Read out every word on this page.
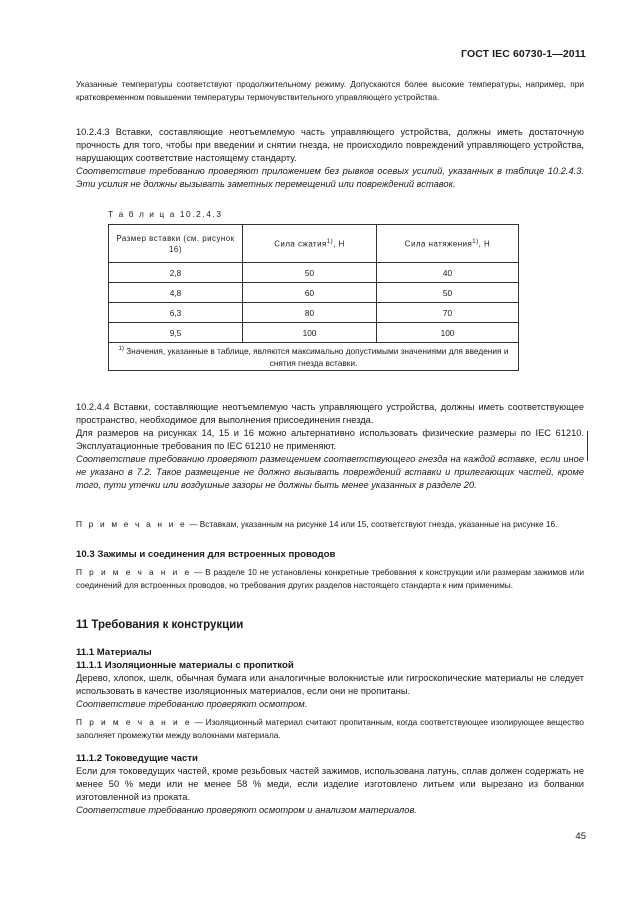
ГОСТ IEC 60730-1—2011

Указанные температуры соответствуют продолжительному режиму. Допускаются более высокие температуры, например, при кратковременном повышении температуры термочувствительного управляющего устройства.

10.2.4.3 Вставки, составляющие неотъемлемую часть управляющего устройства, должны иметь достаточную прочность для того, чтобы при введении и снятии гнезда, не происходило повреждений управляющего устройства, нарушающих соответствие настоящему стандарту.

Соответствие требованию проверяют приложением без рывков осевых усилий, указанных в таблице 10.2.4.3. Эти усилия не должны вызывать заметных перемещений или повреждений вставок.

Т а б л и ц а 10.2.4.3
Размер вставки (см. рисунок 16)	Сила сжатия$^{1)}$, Н	Сила натяжения$^{1)}$, Н
2,8	50	40
4,8	60	50
6,3	80	70
9,5	100	100
$^{1)}$ Значения, указанные в таблице, являются максимально допустимыми значениями для введения и снятия гнезда вставки.		

10.2.4.4 Вставки, составляющие неотъемлемую часть управляющего устройства, должны иметь соответствующее пространство, необходимое для выполнения присоединения гнезда.

Для размеров на рисунках 14, 15 и 16 можно альтернативно использовать физические размеры по IEC 61210. Эксплуатационные требования по IEC 61210 не применяют.

Соответствие требованию проверяют размещением соответствующего гнезда на каждой вставке, если иное не указано в 7.2. Такое размещение не должно вызывать повреждений вставки и прилегающих частей, кроме того, пути утечки или воздушные зазоры не должны быть менее указанных в разделе 20.

П р и м е ч а н и е — Вставкам, указанным на рисунке 14 или 15, соответствуют гнезда, указанные на рисунке 16.

10.3 Зажимы и соединения для встроенных проводов

П р и м е ч а н и е — В разделе 10 не установлены конкретные требования к конструкции или размерам зажимов или соединений для встроенных проводов, но требования других разделов настоящего стандарта к ним применимы.

11 Требования к конструкции
11.1 Материалы
11.1.1 Изоляционные материалы с пропиткой

Дерево, хлопок, шелк, обычная бумага или аналогичные волокнистые или гигроскопические материалы не следует использовать в качестве изоляционных материалов, если они не пропитаны.

Соответствие требованию проверяют осмотром.

П р и м е ч а н и е — Изоляционный материал считают пропитанным, когда соответствующее изолирующее вещество заполняет промежутки между волокнами материала.

11.1.2 Токоведущие части

Если для токоведущих частей, кроме резьбовых частей зажимов, использована латунь, сплав должен содержать не менее 50 % меди или не менее 58 % меди, если изделие изготовлено литьем или вырезано из болванки изготовленной из проката.

Соответствие требованию проверяют осмотром и анализом материалов.

45
